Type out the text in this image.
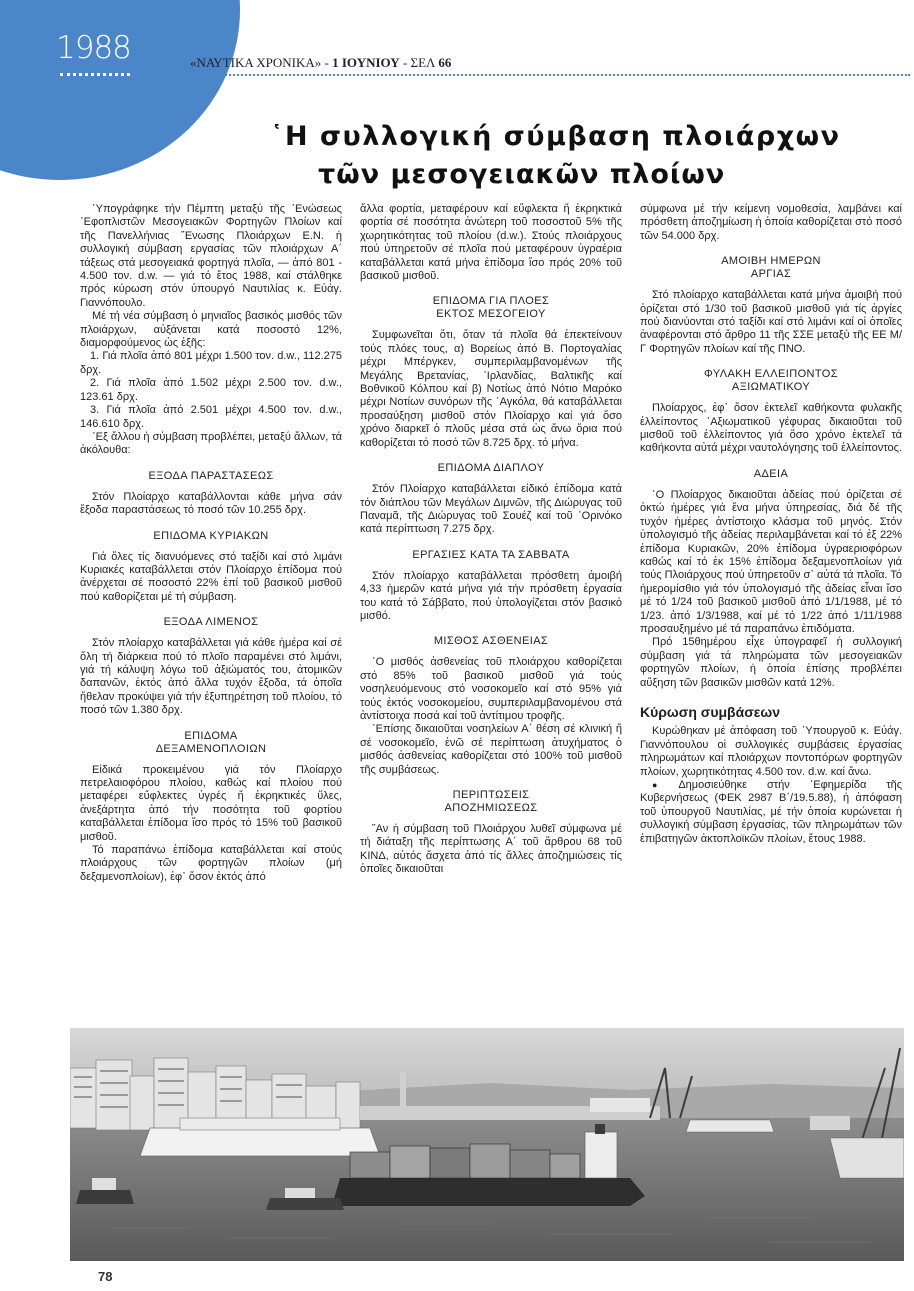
1988	«ΝΑΥΤΙΚΑ ΧΡΟΝΙΚΑ» - 1 ΙΟΥΝΙΟΥ - ΣΕΛ 66
῾Η συλλογική σύμβαση πλοιάρχων
τῶν μεσογειακῶν πλοίων

῾Υπογράφηκε τήν Πέμπτη μεταξύ τῆς ᾿Ενώσεως ᾿Εφοπλιστῶν Μεσογειακῶν Φορτηγῶν Πλοίων καί τῆς Πανελλήνιας ῞Ενωσης Πλοιάρχων Ε.Ν. ἡ συλλογική σύμβαση εργασίας τῶν πλοιάρχων Α΄ τάξεως στά μεσογειακά φορτηγά πλοῖα, — ἀπό 801 - 4.500 τον. d.w. — γιά τό ἔτος 1988, καί στάλθηκε πρός κύρωση στόν ὑπουργό Ναυτιλίας κ. Εὐάγ. Γιαννόπουλο.

Μέ τή νέα σύμβαση ὁ μηνιαῖος βασικός μισθός τῶν πλοιάρχων, αὐξάνεται κατά ποσοστό 12%, διαμορφούμενος ὡς ἑξῆς:

1. Γιά πλοῖα ἀπό 801 μέχρι 1.500 τον. d.w., 112.275 δρχ.

2. Γιά πλοῖα ἀπό 1.502 μέχρι 2.500 τον. d.w., 123.61 δρχ.

3. Γιά πλοῖα ἀπό 2.501 μέχρι 4.500 τον. d.w., 146.610 δρχ.

᾿Εξ ἄλλου ἡ σύμβαση προβλέπει, μεταξύ ἄλλων, τά ἀκόλουθα:

ΕΞΟΔΑ ΠΑΡΑΣΤΑΣΕΩΣ

Στόν Πλοίαρχο καταβάλλονται κάθε μήνα σάν ἔξοδα παραστάσεως τό ποσό τῶν 10.255 δρχ.

ΕΠΙΔΟΜΑ ΚΥΡΙΑΚΩΝ

Γιά ὅλες τίς διανυόμενες στό ταξίδι καί στό λιμάνι Κυριακές καταβάλλεται στόν Πλοίαρχο ἐπίδομα πού ἀνέρχεται σέ ποσοστό 22% ἐπί τοῦ βασικοῦ μισθοῦ πού καθορίζεται μέ τή σύμβαση.

ΕΞΟΔΑ ΛΙΜΕΝΟΣ

Στόν πλοίαρχο καταβάλλεται γιά κάθε ἡμέρα καί σέ ὅλη τή διάρκεια πού τό πλοῖο παραμένει στό λιμάνι, γιά τή κάλυψη λόγω τοῦ ἀξιώματός του, ἀτομικῶν δαπανῶν, ἐκτός ἀπό ἄλλα τυχόν ἔξοδα, τά ὁποῖα ἤθελαν προκύψει γιά τήν ἐξυπηρέτηση τοῦ πλοίου, τό ποσό τῶν 1.380 δρχ.

ΕΠΙΔΟΜΑ
ΔΕΞΑΜΕΝΟΠΛΟΙΩΝ

Εἰδικά προκειμένου γιά τόν Πλοίαρχο πετρελαιοφόρου πλοίου, καθώς καί πλοίου πού μεταφέρει εὔφλεκτες ὑγρές ἤ ἐκρηκτικές ὕλες, ἀνεξάρτητα ἀπό τήν ποσότητα τοῦ φορτίου καταβάλλεται ἐπίδομα ἴσο πρός τό 15% τοῦ βασικοῦ μισθοῦ.

Τό παραπάνω ἐπίδομα καταβάλλεται καί στούς πλοιάρχους τῶν φορτηγῶν πλοίων (μή δεξαμενοπλοίων), ἐφ᾿ ὅσον ἐκτός ἀπό

ἄλλα φορτία, μεταφέρουν καί εὔφλεκτα ἤ ἐκρηκτικά φορτία σέ ποσότητα ἀνώτερη τοῦ ποσοστοῦ 5% τῆς χωρητικότητας τοῦ πλοίου (d.w.). Στούς πλοιάρχους πού ὑπηρετοῦν σέ πλοῖα πού μεταφέρουν ὑγραέρια καταβάλλεται κατά μήνα ἐπίδομα ἴσο πρός 20% τοῦ βασικοῦ μισθοῦ.

ΕΠΙΔΟΜΑ ΓΙΑ ΠΛΟΕΣ
ΕΚΤΟΣ ΜΕΣΟΓΕΙΟΥ

Συμφωνεῖται ὅτι, ὅταν τά πλοῖα θά ἐπεκτείνουν τούς πλόες τους, α) Βορείως ἀπό Β. Πορτογαλίας μέχρι Μπέργκεν, συμπεριλαμβανομένων τῆς Μεγάλης Βρετανίας, ᾿Ιρλανδίας, Βαλτικῆς καί Βοθνικοῦ Κόλπου καί β) Νοτίως ἀπό Νότιο Μαρόκο μέχρι Νοτίων συνόρων τῆς ᾿Αγκόλα, θά καταβάλλεται προσαύξηση μισθοῦ στόν Πλοίαρχο καί γιά ὅσο χρόνο διαρκεῖ ὁ πλοῦς μέσα στά ὡς ἄνω ὅρια πού καθορίζεται τό ποσό τῶν 8.725 δρχ. τό μήνα.

ΕΠΙΔΟΜΑ ΔΙΑΠΛΟΥ

Στόν Πλοίαρχο καταβάλλεται εἰδικό ἐπίδομα κατά τόν διάπλου τῶν Μεγάλων Διμνῶν, τῆς Διώρυγας τοῦ Παναμᾶ, τῆς Διώρυγας τοῦ Σουέζ καί τοῦ ᾿Ορινόκο κατά περίπτωση 7.275 δρχ.

ΕΡΓΑΣΙΕΣ ΚΑΤΑ ΤΑ ΣΑΒΒΑΤΑ

Στόν πλοίαρχο καταβάλλεται πρόσθετη ἀμοιβή 4,33 ἡμερῶν κατά μήνα γιά τήν πρόσθετη ἐργασία του κατά τό Σάββατο, πού ὑπολογίζεται στόν βασικό μισθό.

ΜΙΣΘΟΣ ΑΣΘΕΝΕΙΑΣ

῾Ο μισθός ἀσθενείας τοῦ πλοιάρχου καθορίζεται στό 85% τοῦ βασικοῦ μισθοῦ γιά τούς νοσηλευόμενους στό νοσοκομεῖο καί στό 95% γιά τούς ἐκτός νοσοκομείου, συμπεριλαμβανομένου στά ἀντίστοιχα ποσά καί τοῦ ἀντίτιμου τροφῆς.

᾿Επίσης δικαιοῦται νοσηλείων Α΄ θέση σέ κλινική ἤ σέ νοσοκομεῖο, ἐνῶ σέ περίπτωση ἀτυχήματος ὁ μισθός ἀσθενείας καθορίζεται στό 100% τοῦ μισθοῦ τῆς συμβάσεως.

ΠΕΡΙΠΤΩΣΕΙΣ
ΑΠΟΖΗΜΙΩΣΕΩΣ

῎Αν ἡ σύμβαση τοῦ Πλοιάρχου λυθεῖ σύμφωνα μέ τή διάταξη τῆς περίπτωσης Α΄ τοῦ ἄρθρου 68 τοῦ ΚΙΝΔ, αὐτός ἄσχετα ἀπό τίς ἄλλες ἀποζημιώσεις τίς ὁποῖες δικαιοῦται

σύμφωνα μέ τήν κείμενη νομοθεσία, λαμβάνει καί πρόσθετη ἀποζημίωση ἡ ὁποία καθορίζεται στό ποσό τῶν 54.000 δρχ.

ΑΜΟΙΒΗ ΗΜΕΡΩΝ
ΑΡΓΙΑΣ

Στό πλοίαρχο καταβάλλεται κατά μήνα ἀμοιβή πού ὁρίζεται στό 1/30 τοῦ βασικοῦ μισθοῦ γιά τίς ἀργίες πού διανύονται στό ταξίδι καί στό λιμάνι καί οἱ ὁποῖες ἀναφέρονται στό ἄρθρο 11 τῆς ΣΣΕ μεταξύ τῆς ΕΕ Μ/Γ Φορτηγῶν πλοίων καί τῆς ΠΝΟ.

ΦΥΛΑΚΗ ΕΛΛΕΙΠΟΝΤΟΣ
ΑΞΙΩΜΑΤΙΚΟΥ

Πλοίαρχος, ἐφ᾿ ὅσον ἐκτελεῖ καθήκοντα φυλακῆς ἐλλείποντος ᾿Αξιωματικοῦ γέφυρας δικαιοῦται τοῦ μισθοῦ τοῦ ἐλλείποντος γιά ὅσο χρόνο ἐκτελεῖ τά καθήκοντα αὐτά μέχρι ναυτολόγησης τοῦ ἐλλείποντος.

ΑΔΕΙΑ

῾Ο Πλοίαρχος δικαιοῦται ἀδείας πού ὁρίζεται σέ ὀκτώ ἡμέρες γιά ἕνα μήνα ὑπηρεσίας, διά δέ τῆς τυχόν ἡμέρες ἀντίστοιχο κλάσμα τοῦ μηνός. Στόν ὑπολογισμό τῆς ἀδείας περιλαμβάνεται καί τό ἐξ 22% ἐπίδομα Κυριακῶν, 20% ἐπίδομα ὑγραεριοφόρων καθώς καί τό ἐκ 15% ἐπίδομα δεξαμενοπλοίων γιά τούς Πλοιάρχους πού ὑπηρετοῦν σ᾿ αὐτά τά πλοῖα. Τό ἡμερομίσθιο γιά τόν ὑπολογισμό τῆς ἀδείας εἶναι ἴσο μέ τό 1/24 τοῦ βασικοῦ μισθοῦ ἀπό 1/1/1988, μέ τό 1/23. ἀπό 1/3/1988, καί μέ τό 1/22 ἀπό 1/11/1988 προσαυξημένο μέ τά παραπάνω ἐπιδόματα.

Πρό 15θημέρου εἶχε ὑπογραφεῖ ἡ συλλογική σύμβαση γιά τά πληρώματα τῶν μεσογειακῶν φορτηγῶν πλοίων, ἡ ὁποία ἐπίσης προβλέπει αὔξηση τῶν βασικῶν μισθῶν κατά 12%.

Κύρωση συμβάσεων

Κυρώθηκαν μέ ἀπόφαση τοῦ ῾Υπουργοῦ κ. Εὐάγ. Γιαννόπουλου οἱ συλλογικές συμβάσεις ἐργασίας πληρωμάτων καί πλοιάρχων ποντοπόρων φορτηγῶν πλοίων, χωρητικότητας 4.500 τον. d.w. καί ἄνω.

● Δημοσιεύθηκε στήν ᾿Εφημερίδα τῆς Κυβερνήσεως (ΦΕΚ 2987 Β΄/19.5.88), ἡ ἀπόφαση τοῦ ὑπουργοῦ Ναυτιλίας, μέ τήν ὁποία κυρώνεται ἡ συλλογική σύμβαση ἐργασίας, τῶν πληρωμάτων τῶν ἐπιβατηγῶν ἀκτοπλοϊκῶν πλοίων, ἔτους 1988.

78
